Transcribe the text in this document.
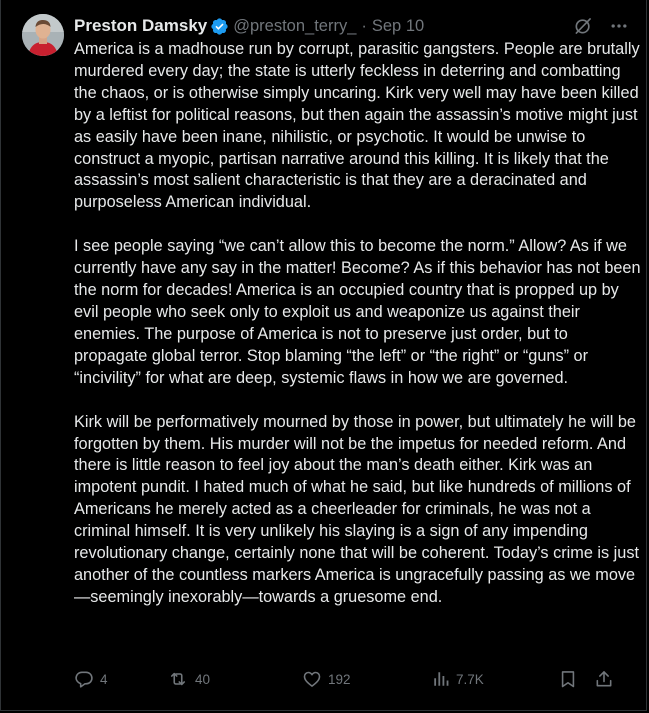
Preston Damsky @preston_terry_ · Sep 10

America is a madhouse run by corrupt, parasitic gangsters. People are brutally murdered every day; the state is utterly feckless in deterring and combatting the chaos, or is otherwise simply uncaring. Kirk very well may have been killed by a leftist for political reasons, but then again the assassin’s motive might just as easily have been inane, nihilistic, or psychotic. It would be unwise to construct a myopic, partisan narrative around this killing. It is likely that the assassin’s most salient characteristic is that they are a deracinated and purposeless American individual.

I see people saying “we can’t allow this to become the norm.” Allow? As if we currently have any say in the matter! Become? As if this behavior has not been the norm for decades! America is an occupied country that is propped up by evil people who seek only to exploit us and weaponize us against their enemies. The purpose of America is not to preserve just order, but to propagate global terror. Stop blaming “the left” or “the right” or “guns” or “incivility” for what are deep, systemic flaws in how we are governed.

Kirk will be performatively mourned by those in power, but ultimately he will be forgotten by them. His murder will not be the impetus for needed reform. And there is little reason to feel joy about the man’s death either. Kirk was an impotent pundit. I hated much of what he said, but like hundreds of millions of Americans he merely acted as a cheerleader for criminals, he was not a criminal himself. It is very unlikely his slaying is a sign of any impending revolutionary change, certainly none that will be coherent. Today’s crime is just another of the countless markers America is ungracefully passing as we move—seemingly inexorably—towards a gruesome end.

4	40	192	7.7K
